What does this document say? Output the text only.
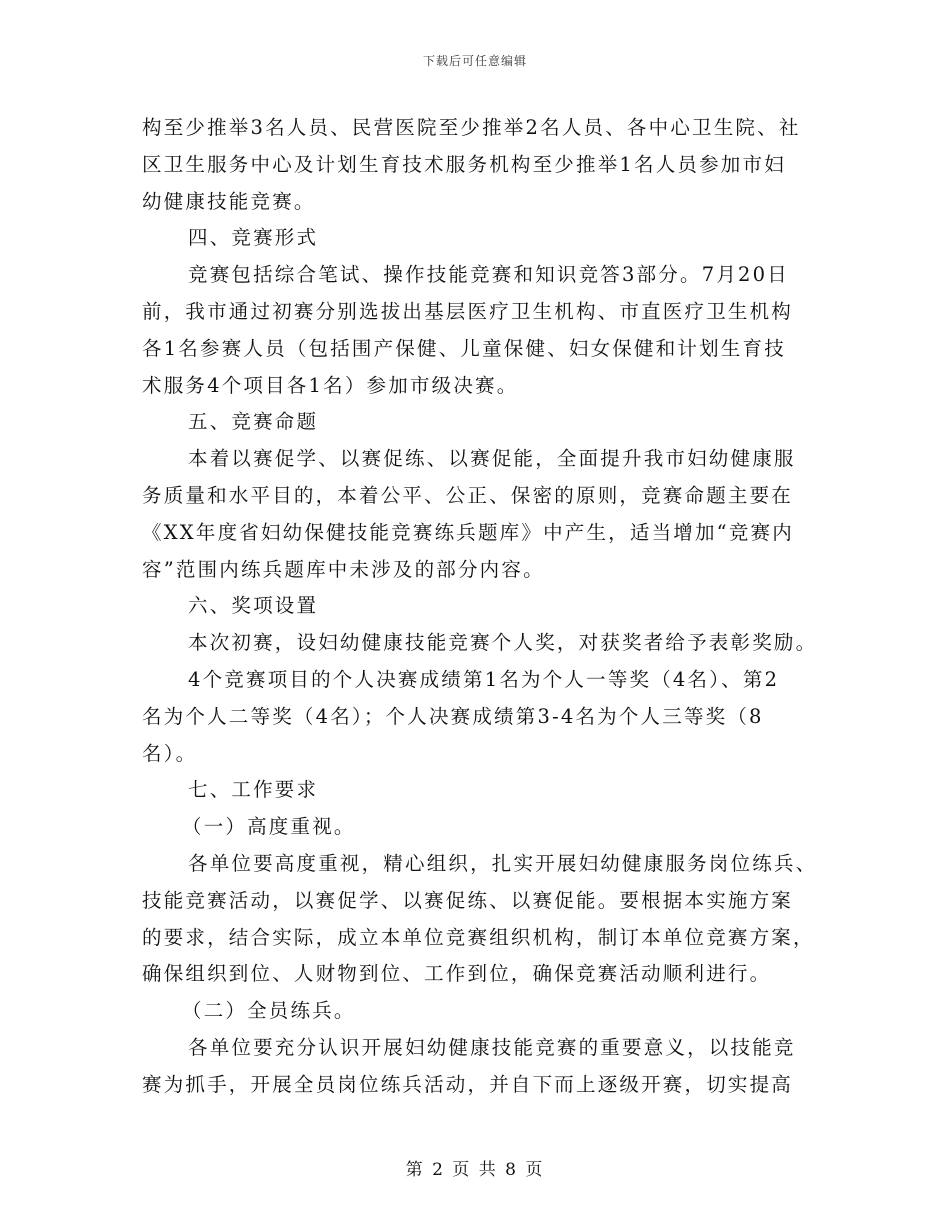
下载后可任意编辑
构至少推举3名人员、民营医院至少推举2名人员、各中心卫生院、社
区卫生服务中心及计划生育技术服务机构至少推举1名人员参加市妇
幼健康技能竞赛。
四、竞赛形式
竞赛包括综合笔试、操作技能竞赛和知识竞答3部分。7月20日
前，我市通过初赛分别选拔出基层医疗卫生机构、市直医疗卫生机构
各1名参赛人员（包括围产保健、儿童保健、妇女保健和计划生育技
术服务4个项目各1名）参加市级决赛。
五、竞赛命题
本着以赛促学、以赛促练、以赛促能，全面提升我市妇幼健康服
务质量和水平目的，本着公平、公正、保密的原则，竞赛命题主要在
《XX年度省妇幼保健技能竞赛练兵题库》中产生，适当增加“竞赛内
容”范围内练兵题库中未涉及的部分内容。
六、奖项设置
本次初赛，设妇幼健康技能竞赛个人奖，对获奖者给予表彰奖励。
4个竞赛项目的个人决赛成绩第1名为个人一等奖（4名）、第2
名为个人二等奖（4名）；个人决赛成绩第3-4名为个人三等奖（8
名）。
七、工作要求
（一）高度重视。
各单位要高度重视，精心组织，扎实开展妇幼健康服务岗位练兵、
技能竞赛活动，以赛促学、以赛促练、以赛促能。要根据本实施方案
的要求，结合实际，成立本单位竞赛组织机构，制订本单位竞赛方案，
确保组织到位、人财物到位、工作到位，确保竞赛活动顺利进行。
（二）全员练兵。
各单位要充分认识开展妇幼健康技能竞赛的重要意义，以技能竞
赛为抓手，开展全员岗位练兵活动，并自下而上逐级开赛，切实提高
第 2 页 共 8 页
